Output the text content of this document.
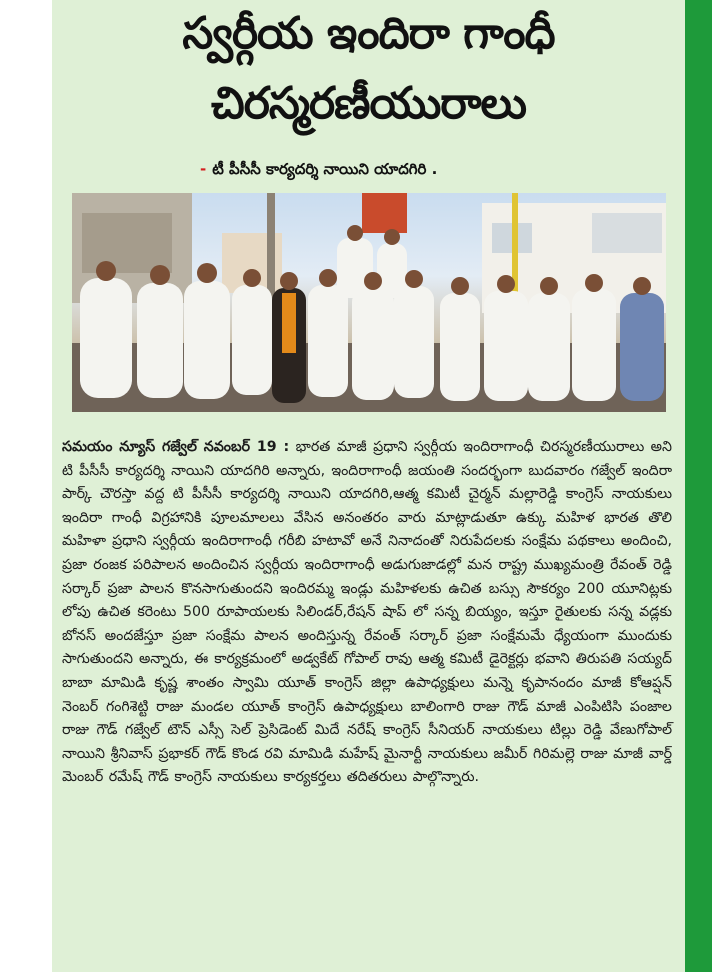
స్వర్గీయ ఇందిరా గాంధీ
చిరస్మరణీయురాలు
- టీ పీసీసీ కార్యదర్శి నాయిని యాదగిరి .
సమయం న్యూస్ గజ్వేల్ నవంబర్ 19 : భారత మాజీ ప్రధాని స్వర్గీయ ఇందిరాగాంధీ చిరస్మరణీయురాలు అని టి పీసీసీ కార్యదర్శి నాయిని యాదగిరి అన్నారు, ఇందిరాగాంధీ జయంతి సందర్భంగా బుదవారం గజ్వేల్ ఇందిరా పార్క్ చౌరస్తా వద్ద టి పీసీసీ కార్యదర్శి నాయిని యాదగిరి,ఆత్మ కమిటీ చైర్మన్ మల్లారెడ్డి కాంగ్రెస్ నాయకులు ఇందిరా గాంధీ విగ్రహానికి పూలమాలలు వేసిన అనంతరం వారు మాట్లాడుతూ ఉక్కు మహిళ భారత తొలి మహిళా ప్రధాని స్వర్గీయ ఇందిరాగాంధీ గరీబి హటావో అనే నినాదంతో నిరుపేదలకు సంక్షేమ పథకాలు అందించి, ప్రజా రంజక పరిపాలన అందించిన స్వర్గీయ ఇందిరాగాంధీ అడుగుజాడల్లో మన రాష్ట్ర ముఖ్యమంత్రి రేవంత్ రెడ్డి సర్కార్ ప్రజా పాలన కొనసాగుతుందని ఇందిరమ్మ ఇండ్లు మహిళలకు ఉచిత బస్సు సౌకర్యం 200 యూనిట్లకు లోపు ఉచిత కరెంటు 500 రూపాయలకు సిలిండర్,రేషన్ షాప్ లో సన్న బియ్యం, ఇస్తూ రైతులకు సన్న వడ్లకు బోనస్ అందజేస్తూ ప్రజా సంక్షేమ పాలన అందిస్తున్న రేవంత్ సర్కార్ ప్రజా సంక్షేమమే ధ్యేయంగా ముందుకు సాగుతుందని అన్నారు, ఈ కార్యక్రమంలో అడ్వకేట్ గోపాల్ రావు ఆత్మ కమిటీ డైరెక్టర్లు భవాని తిరుపతి సయ్యద్ బాబా మామిడి కృష్ణ శాంతం స్వామి యూత్ కాంగ్రెస్ జిల్లా ఉపాధ్యక్షులు మన్నె కృపానందం మాజీ కోఆప్షన్ నెంబర్ గంగిశెట్టి రాజు మండల యూత్ కాంగ్రెస్ ఉపాధ్యక్షులు బాలింగారి రాజు గౌడ్ మాజీ ఎంపిటిసి పంజాల రాజు గౌడ్ గజ్వేల్ టౌన్ ఎస్సీ సెల్ ప్రెసిడెంట్ మిదే నరేష్ కాంగ్రెస్ సీనియర్ నాయకులు టిల్లు రెడ్డి వేణుగోపాల్ నాయిని శ్రీనివాస్ ప్రభాకర్ గౌడ్ కొండ రవి మామిడి మహేష్ మైనార్టీ నాయకులు జమీర్ గిరిమల్లె రాజు మాజీ వార్డ్ మెంబర్ రమేష్ గౌడ్ కాంగ్రెస్ నాయకులు కార్యకర్తలు తదితరులు పాల్గొన్నారు.
